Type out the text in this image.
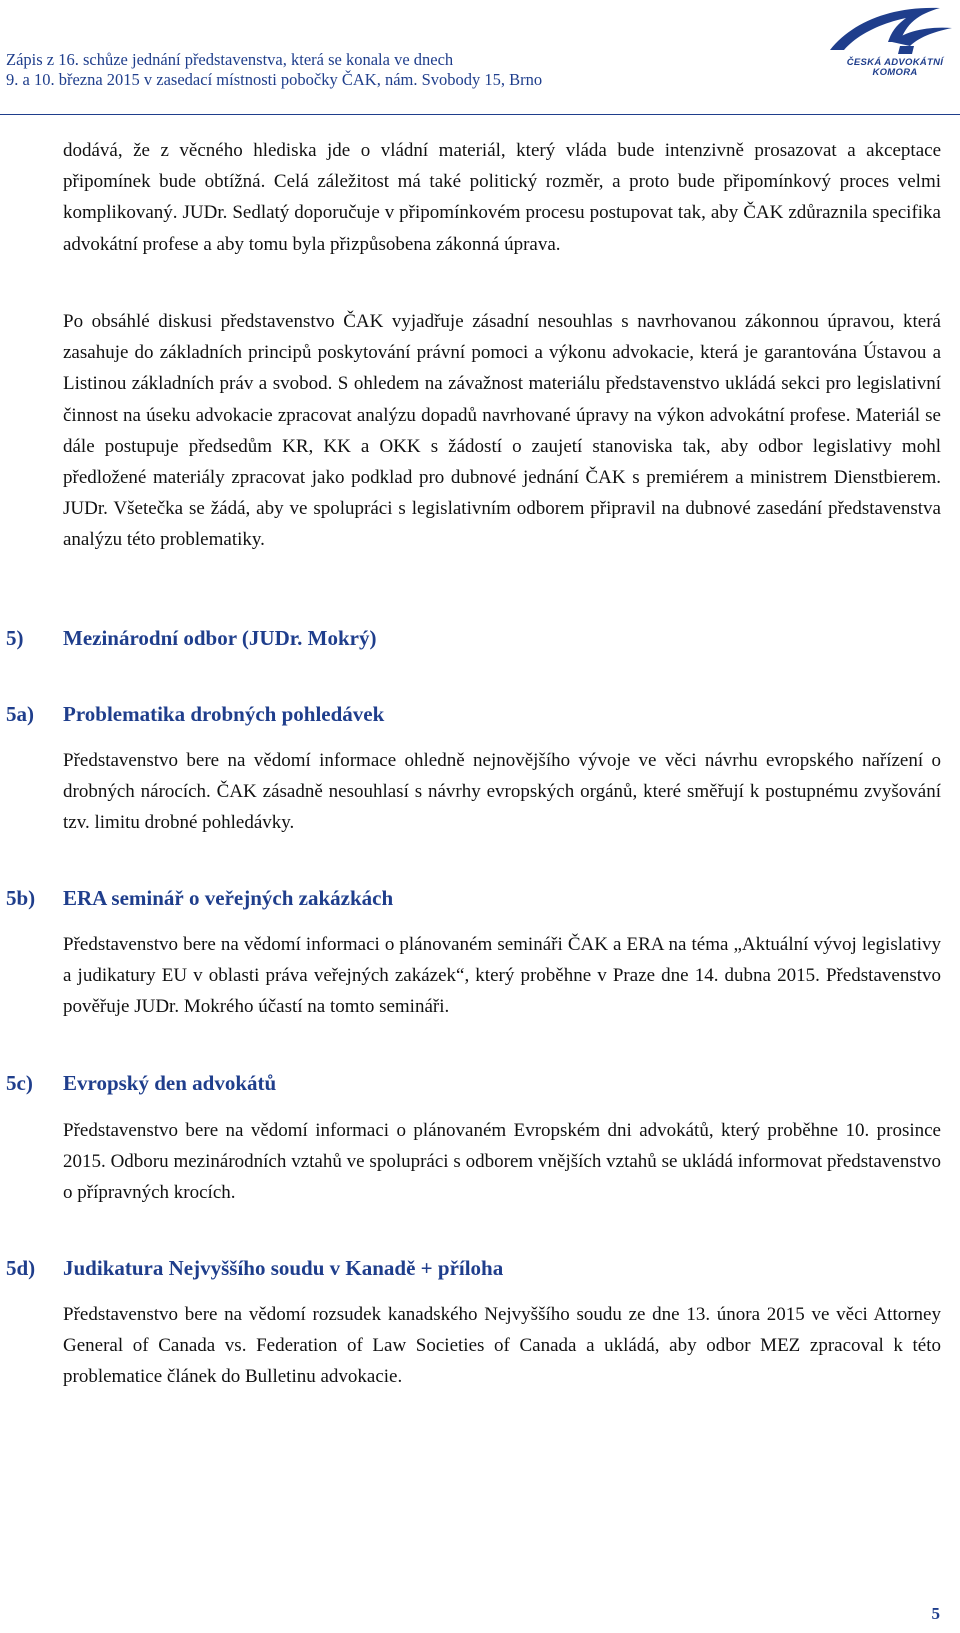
Zápis z 16. schůze jednání představenstva, která se konala ve dnech
9. a 10. března 2015 v zasedací místnosti pobočky ČAK, nám. Svobody 15, Brno
ČESKÁ ADVOKÁTNÍ
KOMORA

dodává, že z věcného hlediska jde o vládní materiál, který vláda bude intenzivně prosazovat a akceptace připomínek bude obtížná. Celá záležitost má také politický rozměr, a proto bude připomínkový proces velmi komplikovaný. JUDr. Sedlatý doporučuje v připomínkovém procesu postupovat tak, aby ČAK zdůraznila specifika advokátní profese a aby tomu byla přizpůsobena zákonná úprava.

Po obsáhlé diskusi představenstvo ČAK vyjadřuje zásadní nesouhlas s navrhovanou zákonnou úpravou, která zasahuje do základních principů poskytování právní pomoci a výkonu advokacie, která je garantována Ústavou a Listinou základních práv a svobod. S ohledem na závažnost materiálu představenstvo ukládá sekci pro legislativní činnost na úseku advokacie zpracovat analýzu dopadů navrhované úpravy na výkon advokátní profese. Materiál se dále postupuje předsedům KR, KK a OKK s žádostí o zaujetí stanoviska tak, aby odbor legislativy mohl předložené materiály zpracovat jako podklad pro dubnové jednání ČAK s premiérem a ministrem Dienstbierem. JUDr. Všetečka se žádá, aby ve spolupráci s legislativním odborem připravil na dubnové zasedání představenstva analýzu této problematiky.

5) Mezinárodní odbor (JUDr. Mokrý)
5a) Problematika drobných pohledávek

Představenstvo bere na vědomí informace ohledně nejnovějšího vývoje ve věci návrhu evropského nařízení o drobných nárocích. ČAK zásadně nesouhlasí s návrhy evropských orgánů, které směřují k postupnému zvyšování tzv. limitu drobné pohledávky.

5b) ERA seminář o veřejných zakázkách

Představenstvo bere na vědomí informaci o plánovaném semináři ČAK a ERA na téma „Aktuální vývoj legislativy a judikatury EU v oblasti práva veřejných zakázek“, který proběhne v Praze dne 14. dubna 2015. Představenstvo pověřuje JUDr. Mokrého účastí na tomto semináři.

5c) Evropský den advokátů

Představenstvo bere na vědomí informaci o plánovaném Evropském dni advokátů, který proběhne 10. prosince 2015. Odboru mezinárodních vztahů ve spolupráci s odborem vnějších vztahů se ukládá informovat představenstvo o přípravných krocích.

5d) Judikatura Nejvyššího soudu v Kanadě + příloha

Představenstvo bere na vědomí rozsudek kanadského Nejvyššího soudu ze dne 13. února 2015 ve věci Attorney General of Canada vs. Federation of Law Societies of Canada a ukládá, aby odbor MEZ zpracoval k této problematice článek do Bulletinu advokacie.

5
